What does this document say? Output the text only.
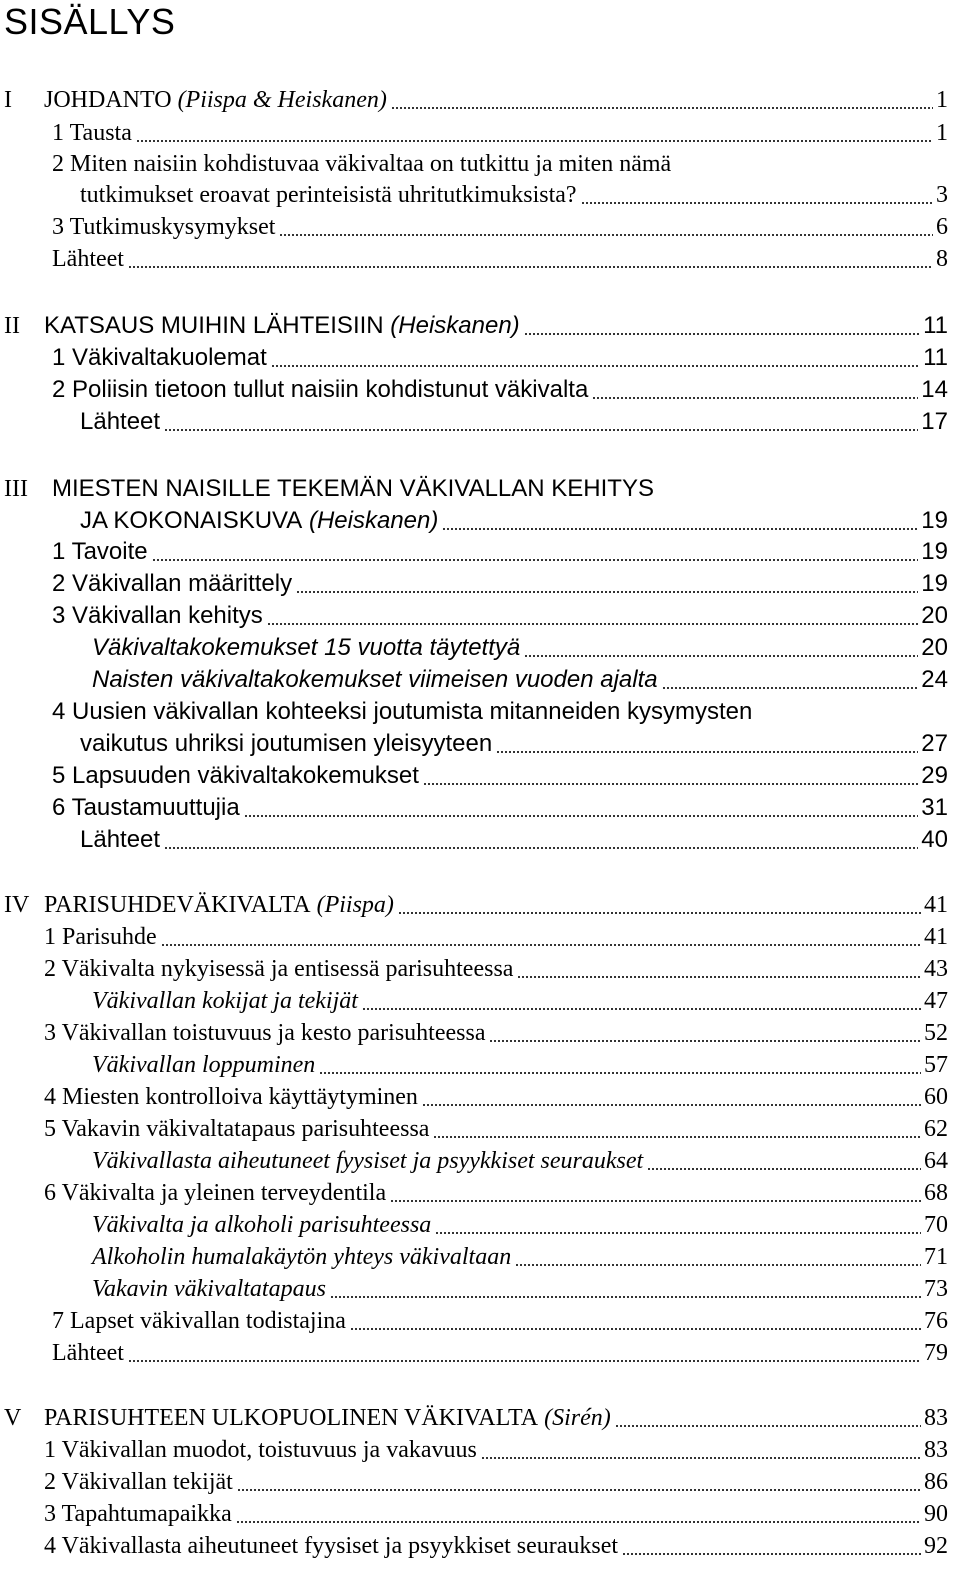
SISÄLLYS
I JOHDANTO
(Piispa & Heiskanen)	1
1 Tausta	1
2 Miten naisiin kohdistuvaa väkivaltaa on tutkittu ja miten nämä
tutkimukset eroavat perinteisistä uhritutkimuksista?	3
3 Tutkimuskysymykset	6
Lähteet	8
II KATSAUS MUIHIN LÄHTEISIIN
(Heiskanen)	11
1 Väkivaltakuolemat	11
2 Poliisin tietoon tullut naisiin kohdistunut väkivalta	14
Lähteet	17
III MIESTEN NAISILLE TEKEMÄN VÄKIVALLAN KEHITYS
JA KOKONAISKUVA
(Heiskanen)	19
1 Tavoite	19
2 Väkivallan määrittely	19
3 Väkivallan kehitys	20
Väkivaltakokemukset 15 vuotta täytettyä	20
Naisten väkivaltakokemukset viimeisen vuoden ajalta	24
4 Uusien väkivallan kohteeksi joutumista mitanneiden kysymysten
vaikutus uhriksi joutumisen yleisyyteen	27
5 Lapsuuden väkivaltakokemukset	29
6 Taustamuuttujia	31
Lähteet	40
IV PARISUHDEVÄKIVALTA
(Piispa)	41
1 Parisuhde	41
2 Väkivalta nykyisessä ja entisessä parisuhteessa	43
Väkivallan kokijat ja tekijät	47
3 Väkivallan toistuvuus ja kesto parisuhteessa	52
Väkivallan loppuminen	57
4 Miesten kontrolloiva käyttäytyminen	60
5 Vakavin väkivaltatapaus parisuhteessa	62
Väkivallasta aiheutuneet fyysiset ja psyykkiset seuraukset	64
6 Väkivalta ja yleinen terveydentila	68
Väkivalta ja alkoholi parisuhteessa	70
Alkoholin humalakäytön yhteys väkivaltaan	71
Vakavin väkivaltatapaus	73
7 Lapset väkivallan todistajina	76
Lähteet	79
V PARISUHTEEN ULKOPUOLINEN VÄKIVALTA
(Sirén)	83
1 Väkivallan muodot, toistuvuus ja vakavuus	83
2 Väkivallan tekijät	86
3 Tapahtumapaikka	90
4 Väkivallasta aiheutuneet fyysiset ja psyykkiset seuraukset	92
